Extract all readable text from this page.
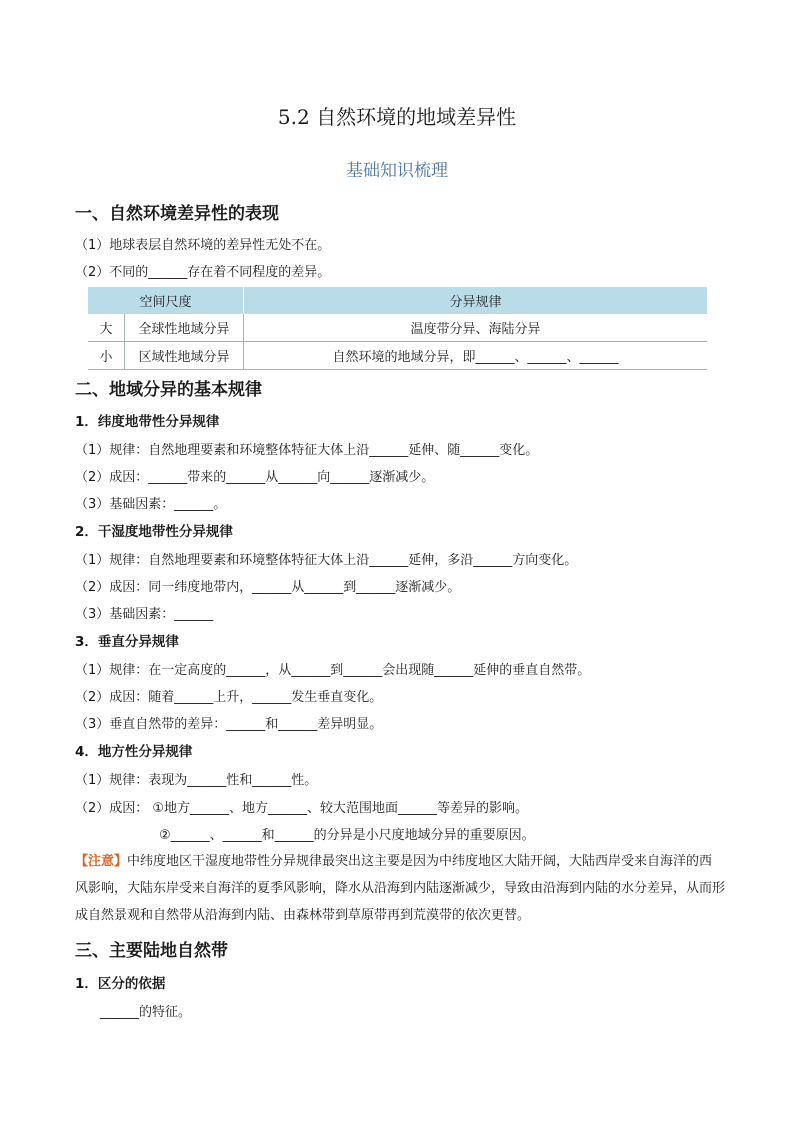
5.2 自然环境的地域差异性
基础知识梳理
一、自然环境差异性的表现
（1）地球表层自然环境的差异性无处不在。
（2）不同的______存在着不同程度的差异。
空间尺度		分异规律
大	全球性地域分异	温度带分异、海陆分异
小	区域性地域分异	自然环境的地域分异，即______、______、______
二、地域分异的基本规律
1．纬度地带性分异规律
（1）规律：自然地理要素和环境整体特征大体上沿______延伸、随______变化。
（2）成因：______带来的______从______向______逐渐减少。
（3）基础因素：______。
2．干湿度地带性分异规律
（1）规律：自然地理要素和环境整体特征大体上沿______延伸，多沿______方向变化。
（2）成因：同一纬度地带内，______从______到______逐渐减少。
（3）基础因素：______
3．垂直分异规律
（1）规律：在一定高度的______，从______到______会出现随______延伸的垂直自然带。
（2）成因：随着______上升，______发生垂直变化。
（3）垂直自然带的差异：______和______差异明显。
4．地方性分异规律
（1）规律：表现为______性和______性。
（2）成因： ①地方______、地方______、较大范围地面______等差异的影响。
②______、______和______的分异是小尺度地域分异的重要原因。
【注意】中纬度地区干湿度地带性分异规律最突出这主要是因为中纬度地区大陆开阔，大陆西岸受来自海洋的西风影响，大陆东岸受来自海洋的夏季风影响，降水从沿海到内陆逐渐减少，导致由沿海到内陆的水分差异，从而形成自然景观和自然带从沿海到内陆、由森林带到草原带再到荒漠带的依次更替。
三、主要陆地自然带
1．区分的依据
______的特征。
